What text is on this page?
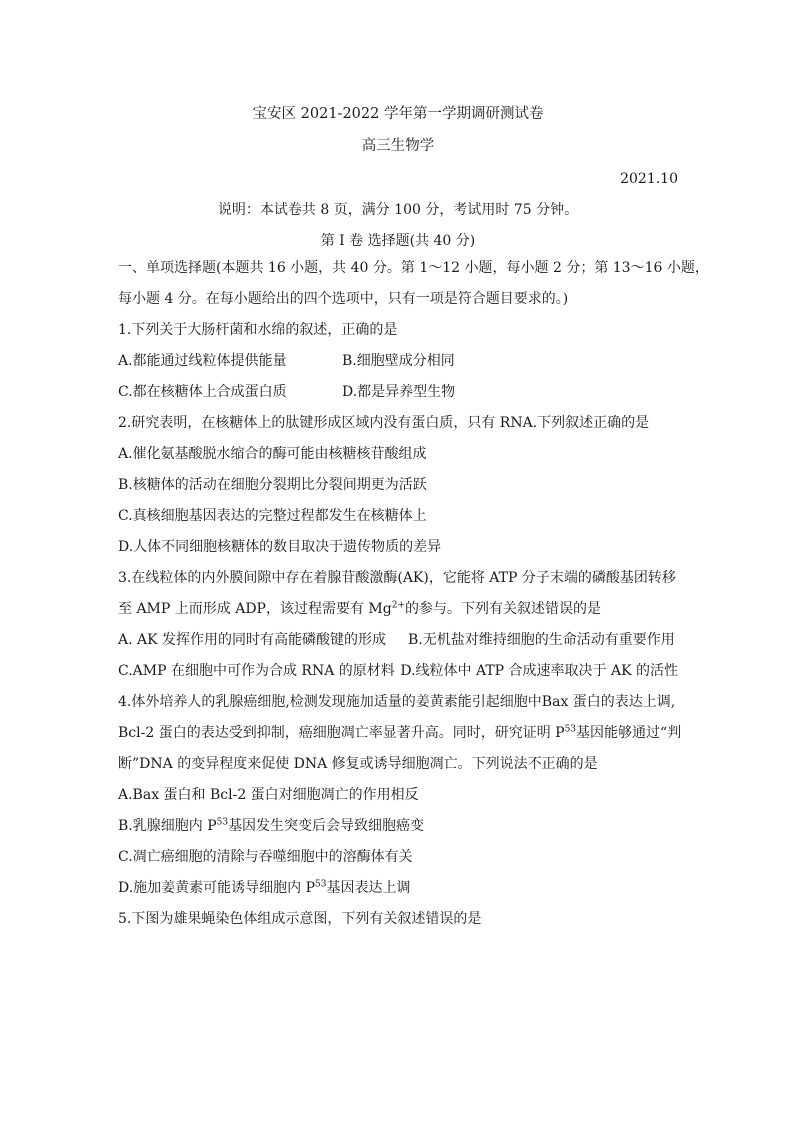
宝安区 2021-2022 学年第一学期调研测试卷

高三生物学

2021.10
说明：本试卷共 8 页，满分 100 分，考试用时 75 分钟。
第 I 卷 选择题(共 40 分)
一、单项选择题(本题共 16 小题，共 40 分。第 1～12 小题，每小题 2 分；第 13～16 小题，
每小题 4 分。在每小题给出的四个选项中，只有一项是符合题目要求的。)
1.下列关于大肠杆菌和水绵的叙述，正确的是
A.都能通过线粒体提供能量	B.细胞壁成分相同
C.都在核糖体上合成蛋白质	D.都是异养型生物
2.研究表明，在核糖体上的肽键形成区域内没有蛋白质，只有 RNA.下列叙述正确的是
A.催化氨基酸脱水缩合的酶可能由核糖核苷酸组成
B.核糖体的活动在细胞分裂期比分裂间期更为活跃
C.真核细胞基因表达的完整过程都发生在核糖体上
D.人体不同细胞核糖体的数目取决于遗传物质的差异
3.在线粒体的内外膜间隙中存在着腺苷酸激酶(AK)，它能将 ATP 分子末端的磷酸基团转移
至 AMP 上而形成 ADP，该过程需要有 $Mg^{2+}$的参与。下列有关叙述错误的是
A. AK 发挥作用的同时有高能磷酸键的形成	B.无机盐对维持细胞的生命活动有重要作用
C.AMP 在细胞中可作为合成 RNA 的原材料 D.线粒体中 ATP 合成速率取决于 AK 的活性
4.体外培养人的乳腺癌细胞,检测发现施加适量的姜黄素能引起细胞中Bax 蛋白的表达上调,
Bcl-2 蛋白的表达受到抑制，癌细胞凋亡率显著升高。同时，研究证明 $P^{53}$基因能够通过“判
断”DNA 的变异程度来促使 DNA 修复或诱导细胞凋亡。下列说法不正确的是
A.Bax 蛋白和 Bcl-2 蛋白对细胞凋亡的作用相反
B.乳腺细胞内 $P^{53}$基因发生突变后会导致细胞癌变
C.凋亡癌细胞的清除与吞噬细胞中的溶酶体有关
D.施加姜黄素可能诱导细胞内 $P^{53}$基因表达上调
5.下图为雄果蝇染色体组成示意图，下列有关叙述错误的是
